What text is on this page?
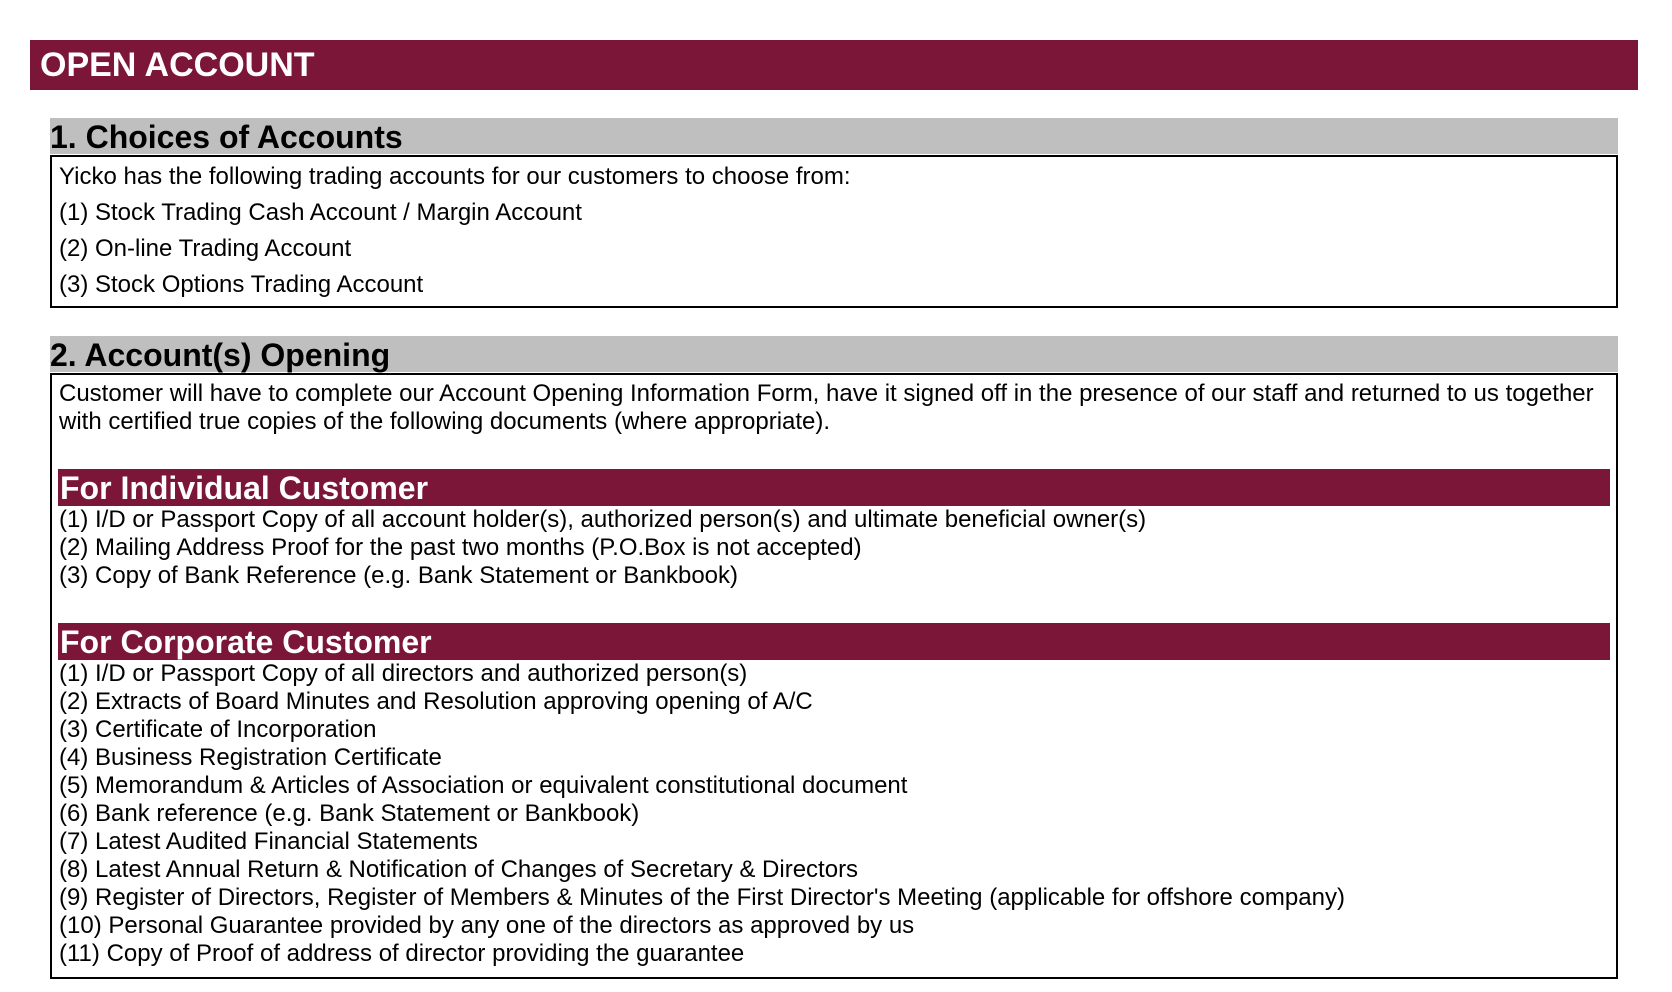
OPEN ACCOUNT
1. Choices of Accounts
Yicko has the following trading accounts for our customers to choose from:
(1) Stock Trading Cash Account / Margin Account
(2) On-line Trading Account
(3) Stock Options Trading Account
2. Account(s) Opening
Customer will have to complete our Account Opening Information Form, have it signed off in the presence of our staff and returned to us together with certified true copies of the following documents (where appropriate).
For Individual Customer
(1) I/D or Passport Copy of all account holder(s), authorized person(s) and ultimate beneficial owner(s)
(2) Mailing Address Proof for the past two months (P.O.Box is not accepted)
(3) Copy of Bank Reference (e.g. Bank Statement or Bankbook)
For Corporate Customer
(1) I/D or Passport Copy of all directors and authorized person(s)
(2) Extracts of Board Minutes and Resolution approving opening of A/C
(3) Certificate of Incorporation
(4) Business Registration Certificate
(5) Memorandum & Articles of Association or equivalent constitutional document
(6) Bank reference (e.g. Bank Statement or Bankbook)
(7) Latest Audited Financial Statements
(8) Latest Annual Return & Notification of Changes of Secretary & Directors
(9) Register of Directors, Register of Members & Minutes of the First Director's Meeting (applicable for offshore company)
(10) Personal Guarantee provided by any one of the directors as approved by us
(11) Copy of Proof of address of director providing the guarantee
